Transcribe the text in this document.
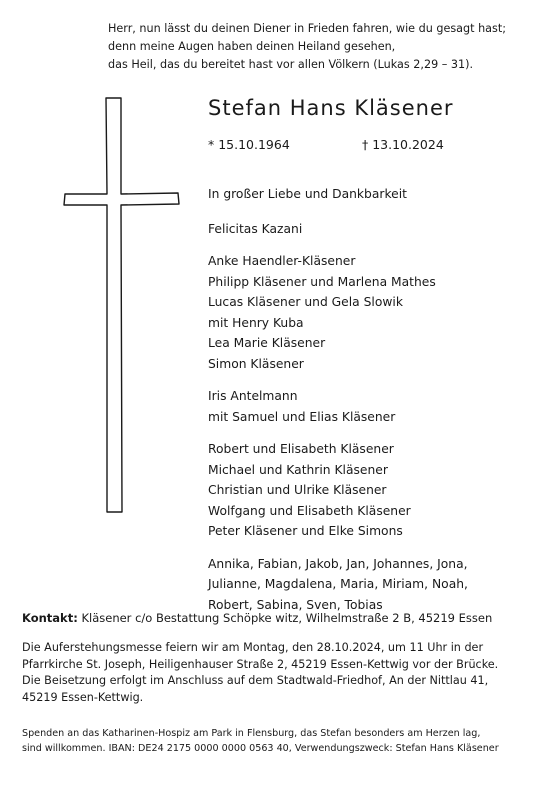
Herr, nun lässt du deinen Diener in Frieden fahren, wie du gesagt hast;
denn meine Augen haben deinen Heiland gesehen,
das Heil, das du bereitet hast vor allen Völkern (Lukas 2,29 – 31).
Stefan Hans Kläsener
* 15.10.1964	† 13.10.2024
In großer Liebe und Dankbarkeit
Felicitas Kazani
Anke Haendler-Kläsener
Philipp Kläsener und Marlena Mathes
Lucas Kläsener und Gela Slowik
mit Henry Kuba
Lea Marie Kläsener
Simon Kläsener
Iris Antelmann
mit Samuel und Elias Kläsener
Robert und Elisabeth Kläsener
Michael und Kathrin Kläsener
Christian und Ulrike Kläsener
Wolfgang und Elisabeth Kläsener
Peter Kläsener und Elke Simons
Annika, Fabian, Jakob, Jan, Johannes, Jona,
Julianne, Magdalena, Maria, Miriam, Noah,
Robert, Sabina, Sven, Tobias
Kontakt: Kläsener c/o Bestattung Schöpke witz, Wilhelmstraße 2 B, 45219 Essen
Die Auferstehungsmesse feiern wir am Montag, den 28.10.2024, um 11 Uhr in der
Pfarrkirche St. Joseph, Heiligenhauser Straße 2, 45219 Essen-Kettwig vor der Brücke.
Die Beisetzung erfolgt im Anschluss auf dem Stadtwald-Friedhof, An der Nittlau 41,
45219 Essen-Kettwig.
Spenden an das Katharinen-Hospiz am Park in Flensburg, das Stefan besonders am Herzen lag,
sind willkommen. IBAN: DE24 2175 0000 0000 0563 40, Verwendungszweck: Stefan Hans Kläsener
